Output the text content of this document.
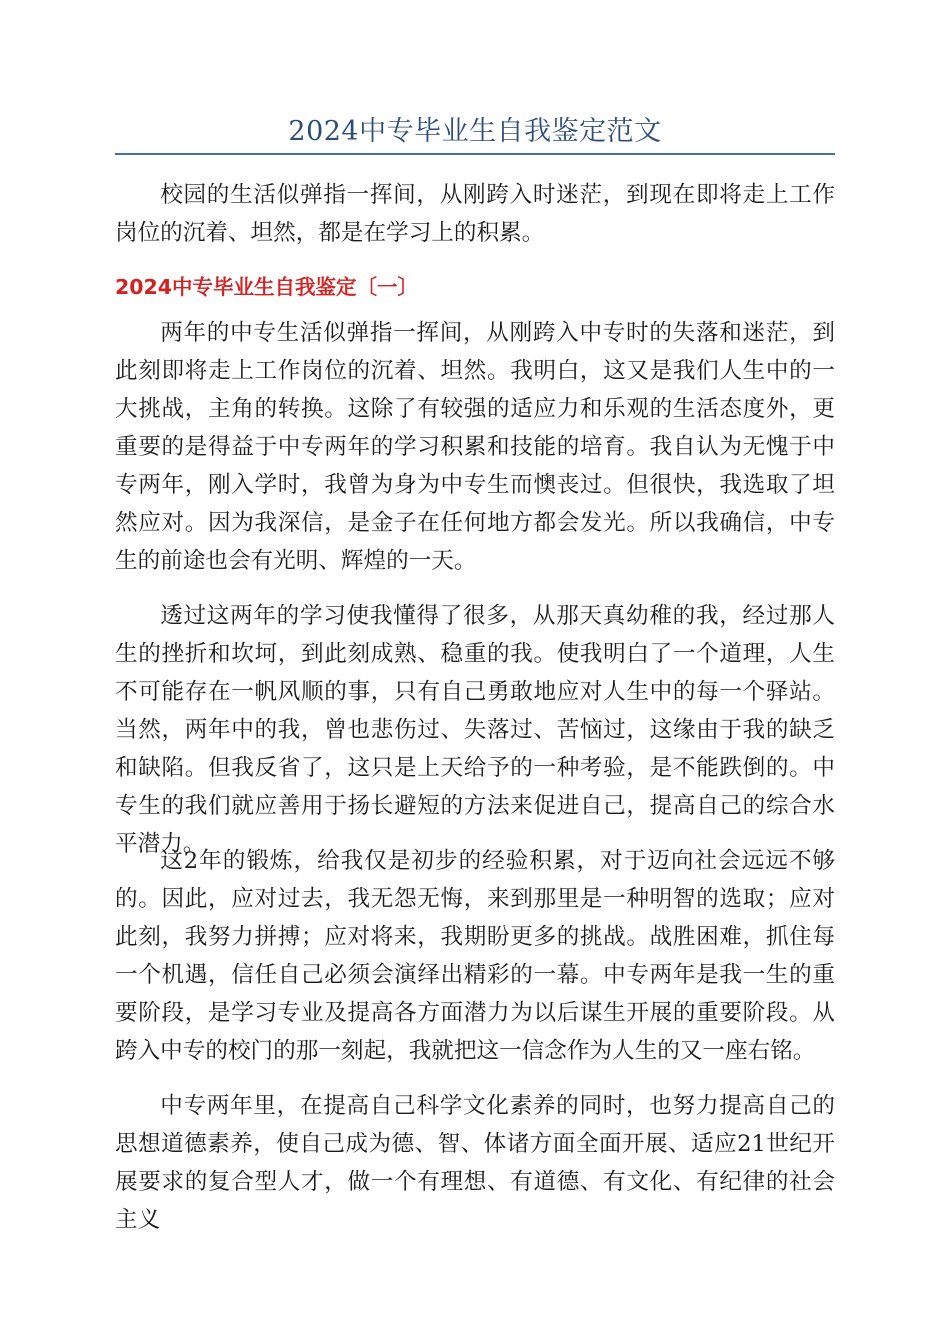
2024中专毕业生自我鉴定范文

校园的生活似弹指一挥间，从刚跨入时迷茫，到现在即将走上工作岗位的沉着、坦然，都是在学习上的积累。

2024中专毕业生自我鉴定〔一〕

两年的中专生活似弹指一挥间，从刚跨入中专时的失落和迷茫，到此刻即将走上工作岗位的沉着、坦然。我明白，这又是我们人生中的一大挑战，主角的转换。这除了有较强的适应力和乐观的生活态度外，更重要的是得益于中专两年的学习积累和技能的培育。我自认为无愧于中专两年，刚入学时，我曾为身为中专生而懊丧过。但很快，我选取了坦然应对。因为我深信，是金子在任何地方都会发光。所以我确信，中专生的前途也会有光明、辉煌的一天。

透过这两年的学习使我懂得了很多，从那天真幼稚的我，经过那人生的挫折和坎坷，到此刻成熟、稳重的我。使我明白了一个道理，人生不可能存在一帆风顺的事，只有自己勇敢地应对人生中的每一个驿站。当然，两年中的我，曾也悲伤过、失落过、苦恼过，这缘由于我的缺乏和缺陷。但我反省了，这只是上天给予的一种考验，是不能跌倒的。中专生的我们就应善用于扬长避短的方法来促进自己，提高自己的综合水平潜力。

这2年的锻炼，给我仅是初步的经验积累，对于迈向社会远远不够的。因此，应对过去，我无怨无悔，来到那里是一种明智的选取；应对此刻，我努力拼搏；应对将来，我期盼更多的挑战。战胜困难，抓住每一个机遇，信任自己必须会演绎出精彩的一幕。中专两年是我一生的重要阶段，是学习专业及提高各方面潜力为以后谋生开展的重要阶段。从跨入中专的校门的那一刻起，我就把这一信念作为人生的又一座右铭。

中专两年里，在提高自己科学文化素养的同时，也努力提高自己的思想道德素养，使自己成为德、智、体诸方面全面开展、适应21世纪开展要求的复合型人才，做一个有理想、有道德、有文化、有纪律的社会主义
